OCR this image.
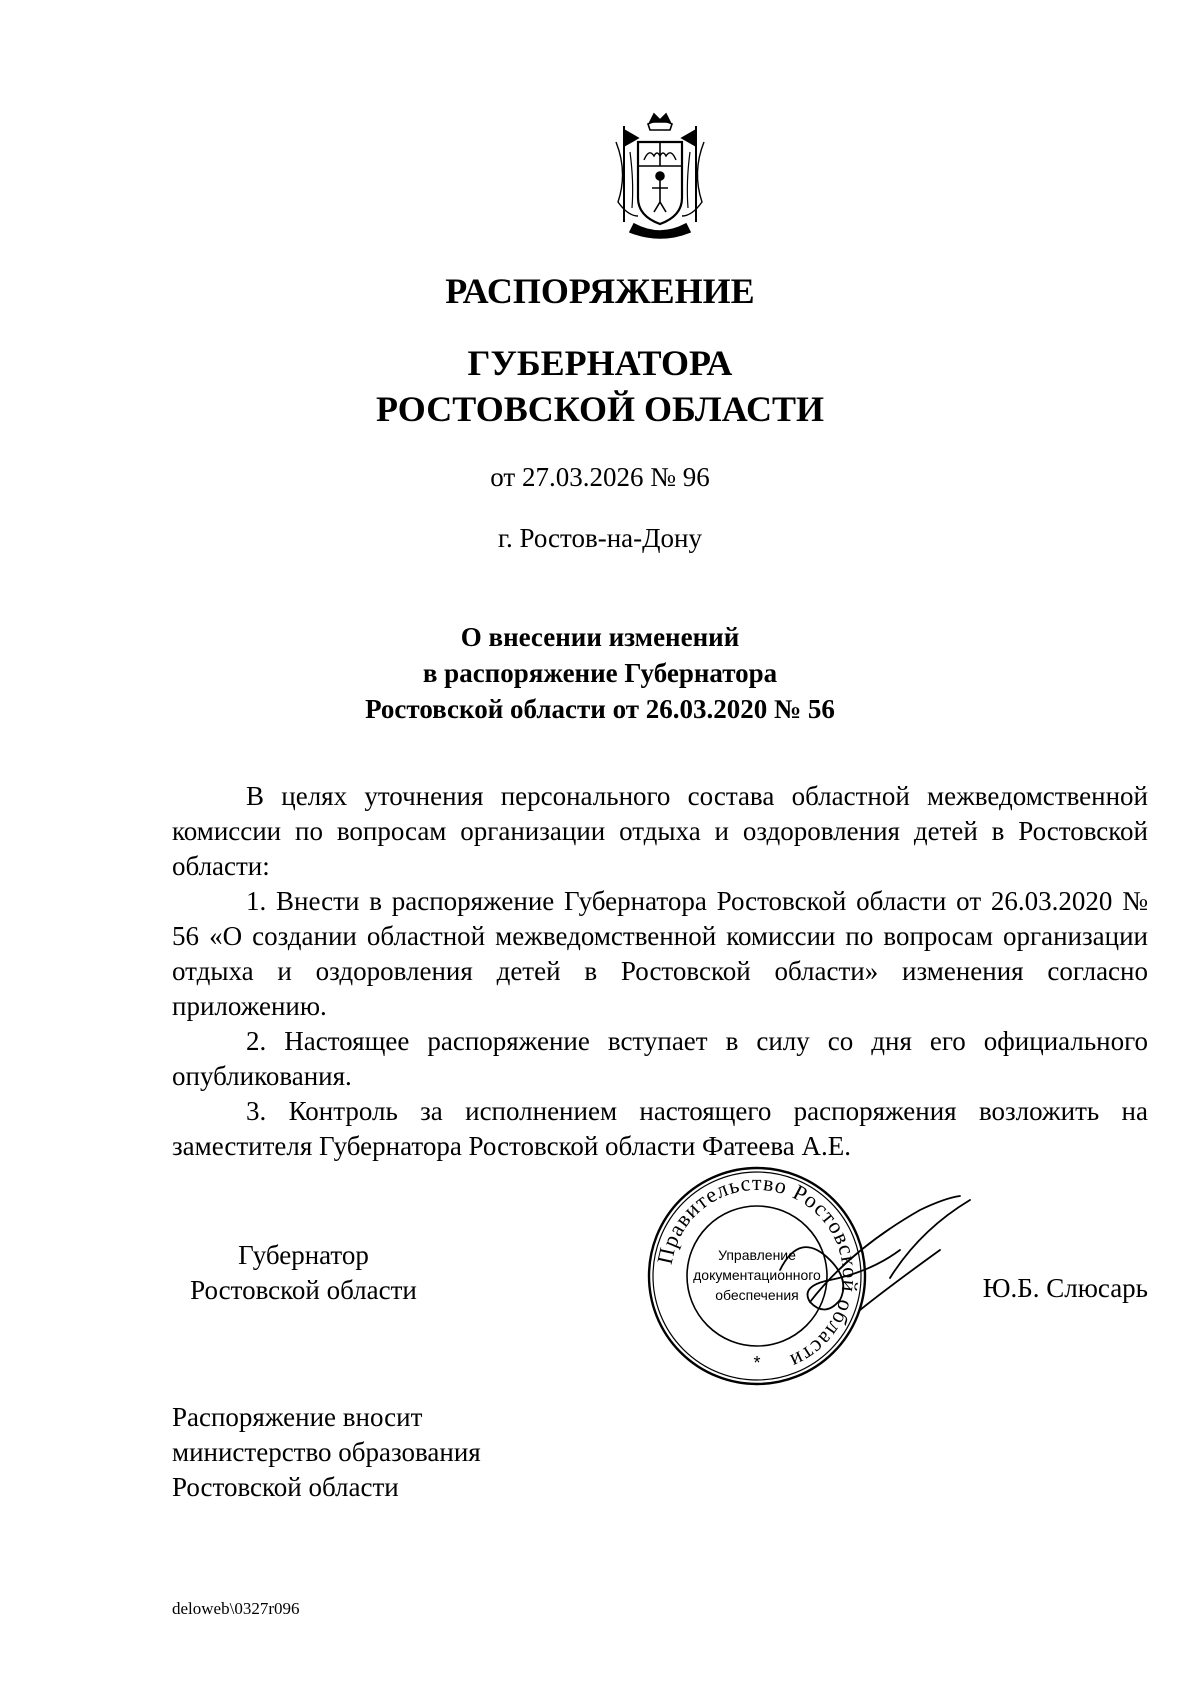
РАСПОРЯЖЕНИЕ
ГУБЕРНАТОРА
РОСТОВСКОЙ ОБЛАСТИ
от 27.03.2026 № 96
г. Ростов-на-Дону
О внесении изменений
в распоряжение Губернатора
Ростовской области от 26.03.2020 № 56

В целях уточнения персонального состава областной межведомственной комиссии по вопросам организации отдыха и оздоровления детей в Ростовской области:

1. Внести в распоряжение Губернатора Ростовской области от 26.03.2020 № 56 «О создании областной межведомственной комиссии по вопросам организации отдыха и оздоровления детей в Ростовской области» изменения согласно приложению.

2. Настоящее распоряжение вступает в силу со дня его официального опубликования.

3. Контроль за исполнением настоящего распоряжения возложить на заместителя Губернатора Ростовской области Фатеева А.Е.

Губернатор
Ростовской области
Правительство Ростовской области
Управление
документационного
обеспечения
*
Ю.Б. Слюсарь
Распоряжение вносит
министерство образования
Ростовской области
deloweb\0327r096
